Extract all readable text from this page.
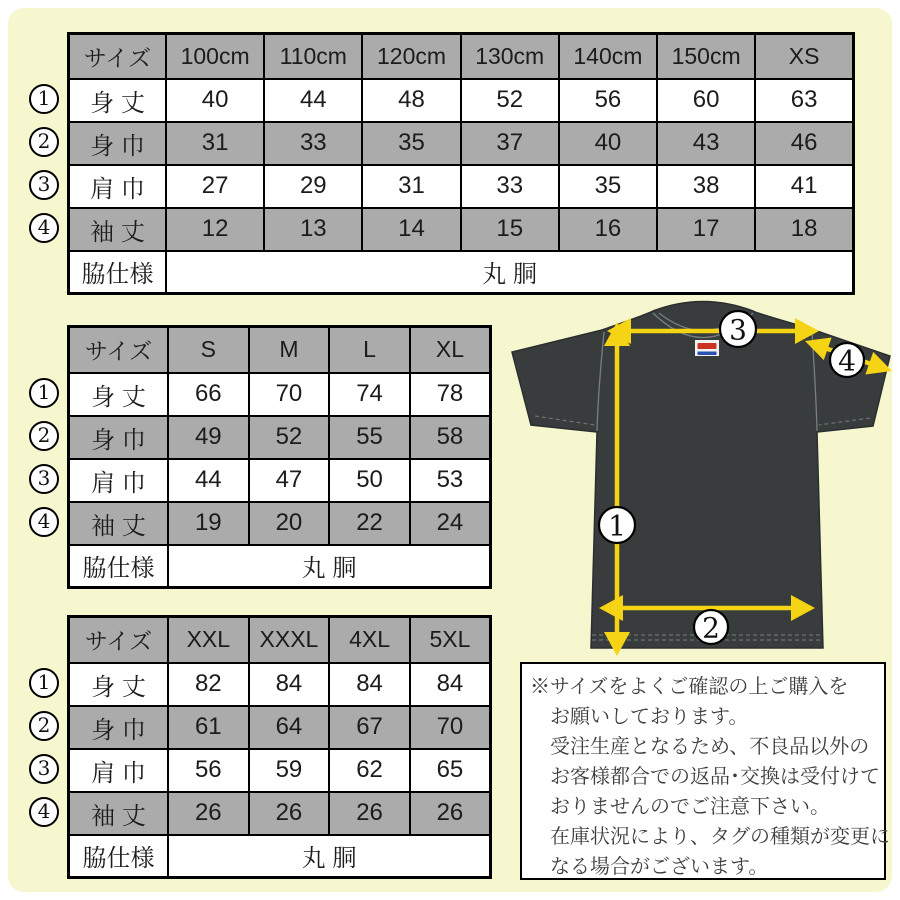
1
2
3
4
サイズ	100cm	110cm	120cm	130cm	140cm	150cm	XS
身 丈	40	44	48	52	56	60	63
身 巾	31	33	35	37	40	43	46
肩 巾	27	29	31	33	35	38	41
袖 丈	12	13	14	15	16	17	18
脇仕様	丸 胴						
1
2
3
4
サイズ	S	M	L	XL
身 丈	66	70	74	78
身 巾	49	52	55	58
肩 巾	44	47	50	53
袖 丈	19	20	22	24
脇仕様	丸 胴			
1
2
3
4
サイズ	XXL	XXXL	4XL	5XL
身 丈	82	84	84	84
身 巾	61	64	67	70
肩 巾	56	59	62	65
袖 丈	26	26	26	26
脇仕様	丸 胴			
1
2
3
4
※サイズをよくご確認の上ご購入を
お願いしております。
受注生産となるため、不良品以外の
お客様都合での返品･交換は受付けて
おりませんのでご注意下さい。
在庫状況により、タグの種類が変更に
なる場合がございます。
